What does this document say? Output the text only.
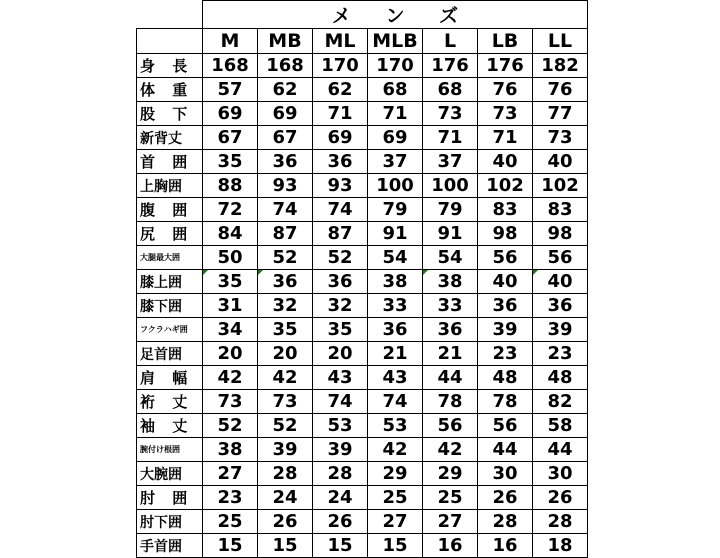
	メ ン ズ						
	M	MB	ML	MLB	L	LB	LL
身 長	168	168	170	170	176	176	182
体 重	57	62	62	68	68	76	76
股 下	69	69	71	71	73	73	77
新背丈	67	67	69	69	71	71	73
首 囲	35	36	36	37	37	40	40
上胸囲	88	93	93	100	100	102	102
腹 囲	72	74	74	79	79	83	83
尻 囲	84	87	87	91	91	98	98
大腿最大囲	50	52	52	54	54	56	56
膝上囲	35	36	36	38	38	40	40
膝下囲	31	32	32	33	33	36	36
フクラハギ囲	34	35	35	36	36	39	39
足首囲	20	20	20	21	21	23	23
肩 幅	42	42	43	43	44	48	48
裄 丈	73	73	74	74	78	78	82
袖 丈	52	52	53	53	56	56	58
腕付け根囲	38	39	39	42	42	44	44
大腕囲	27	28	28	29	29	30	30
肘 囲	23	24	24	25	25	26	26
肘下囲	25	26	26	27	27	28	28
手首囲	15	15	15	15	16	16	18
